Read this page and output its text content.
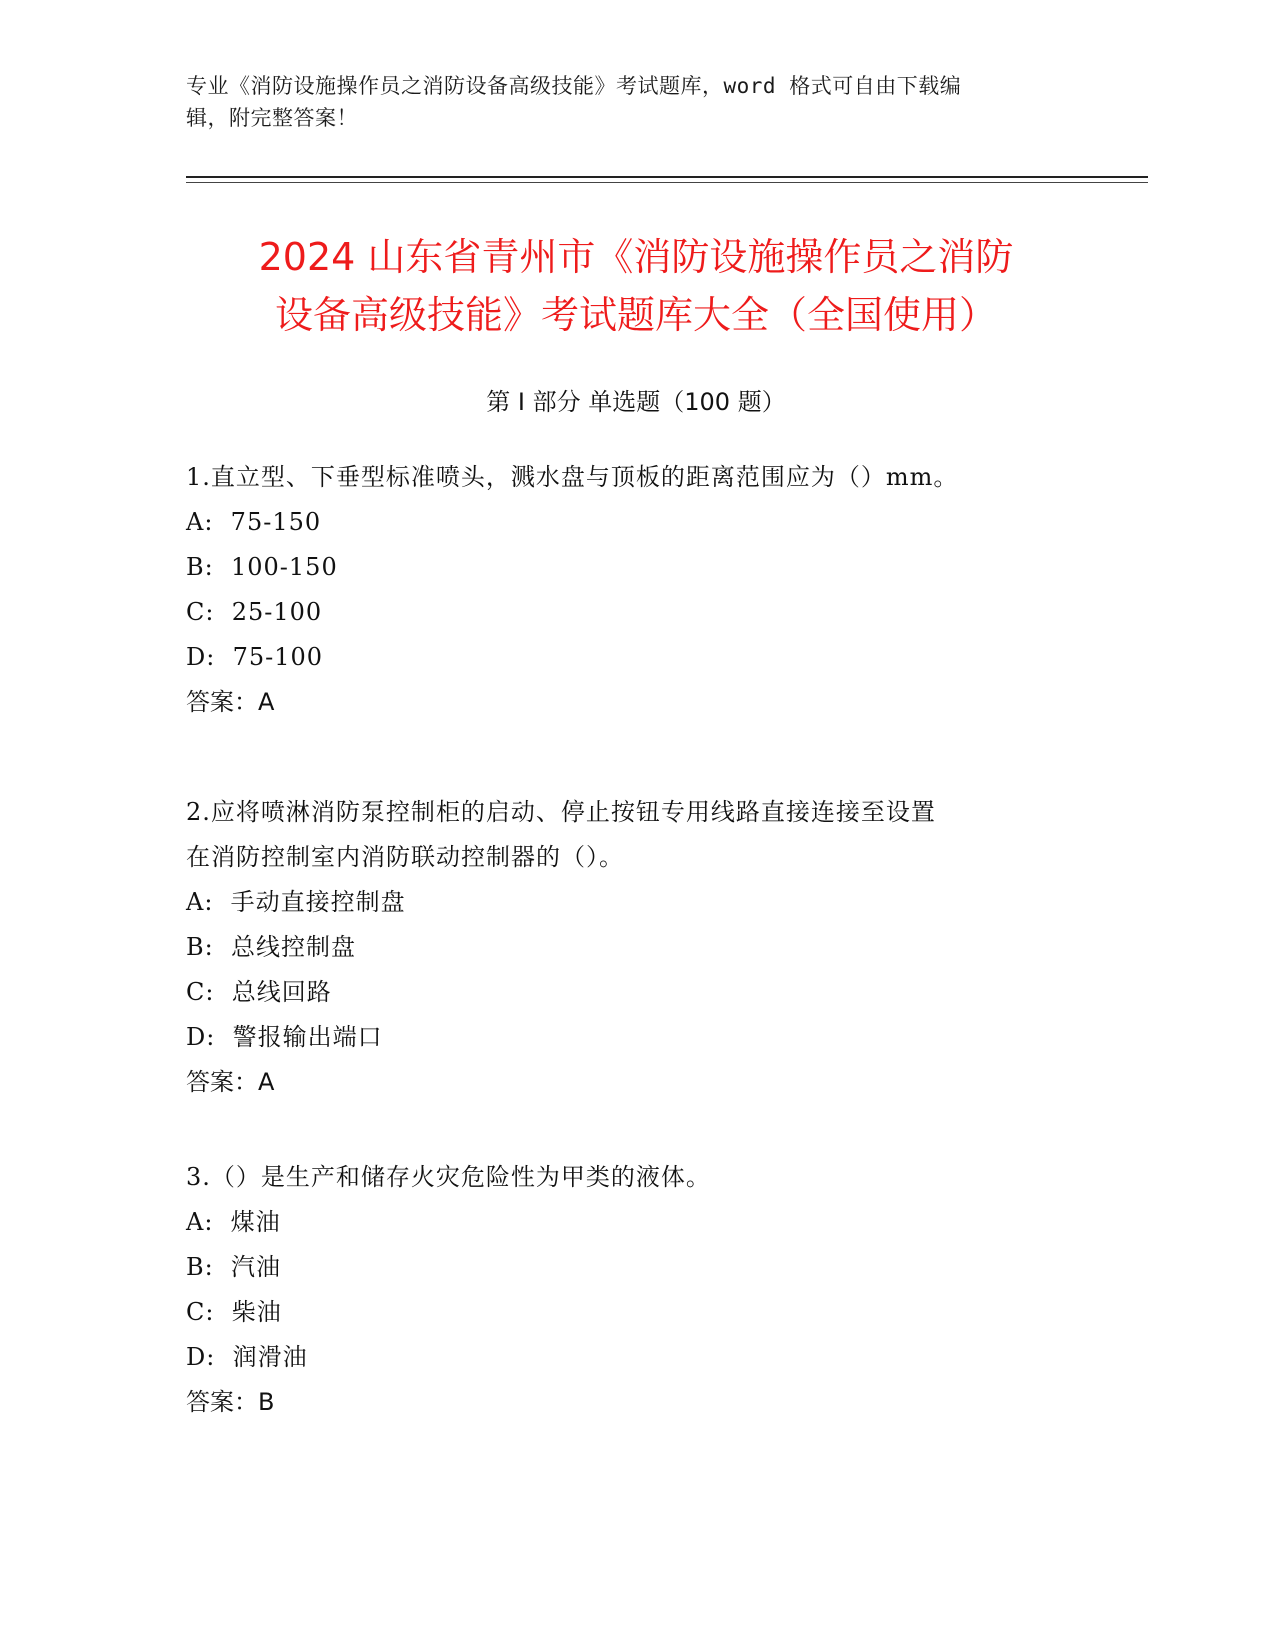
专业《消防设施操作员之消防设备高级技能》考试题库，word 格式可自由下载编
辑，附完整答案！
2024 山东省青州市《消防设施操作员之消防
设备高级技能》考试题库大全（全国使用）
第 I 部分 单选题（100 题）
1.直立型、下垂型标准喷头，溅水盘与顶板的距离范围应为（）mm。
A:  75-150
B:  100-150
C:  25-100
D:  75-100
答案：A
2.应将喷淋消防泵控制柜的启动、停止按钮专用线路直接连接至设置
在消防控制室内消防联动控制器的（）。
A:  手动直接控制盘
B:  总线控制盘
C:  总线回路
D:  警报输出端口
答案：A
3.（）是生产和储存火灾危险性为甲类的液体。
A:  煤油
B:  汽油
C:  柴油
D:  润滑油
答案：B
